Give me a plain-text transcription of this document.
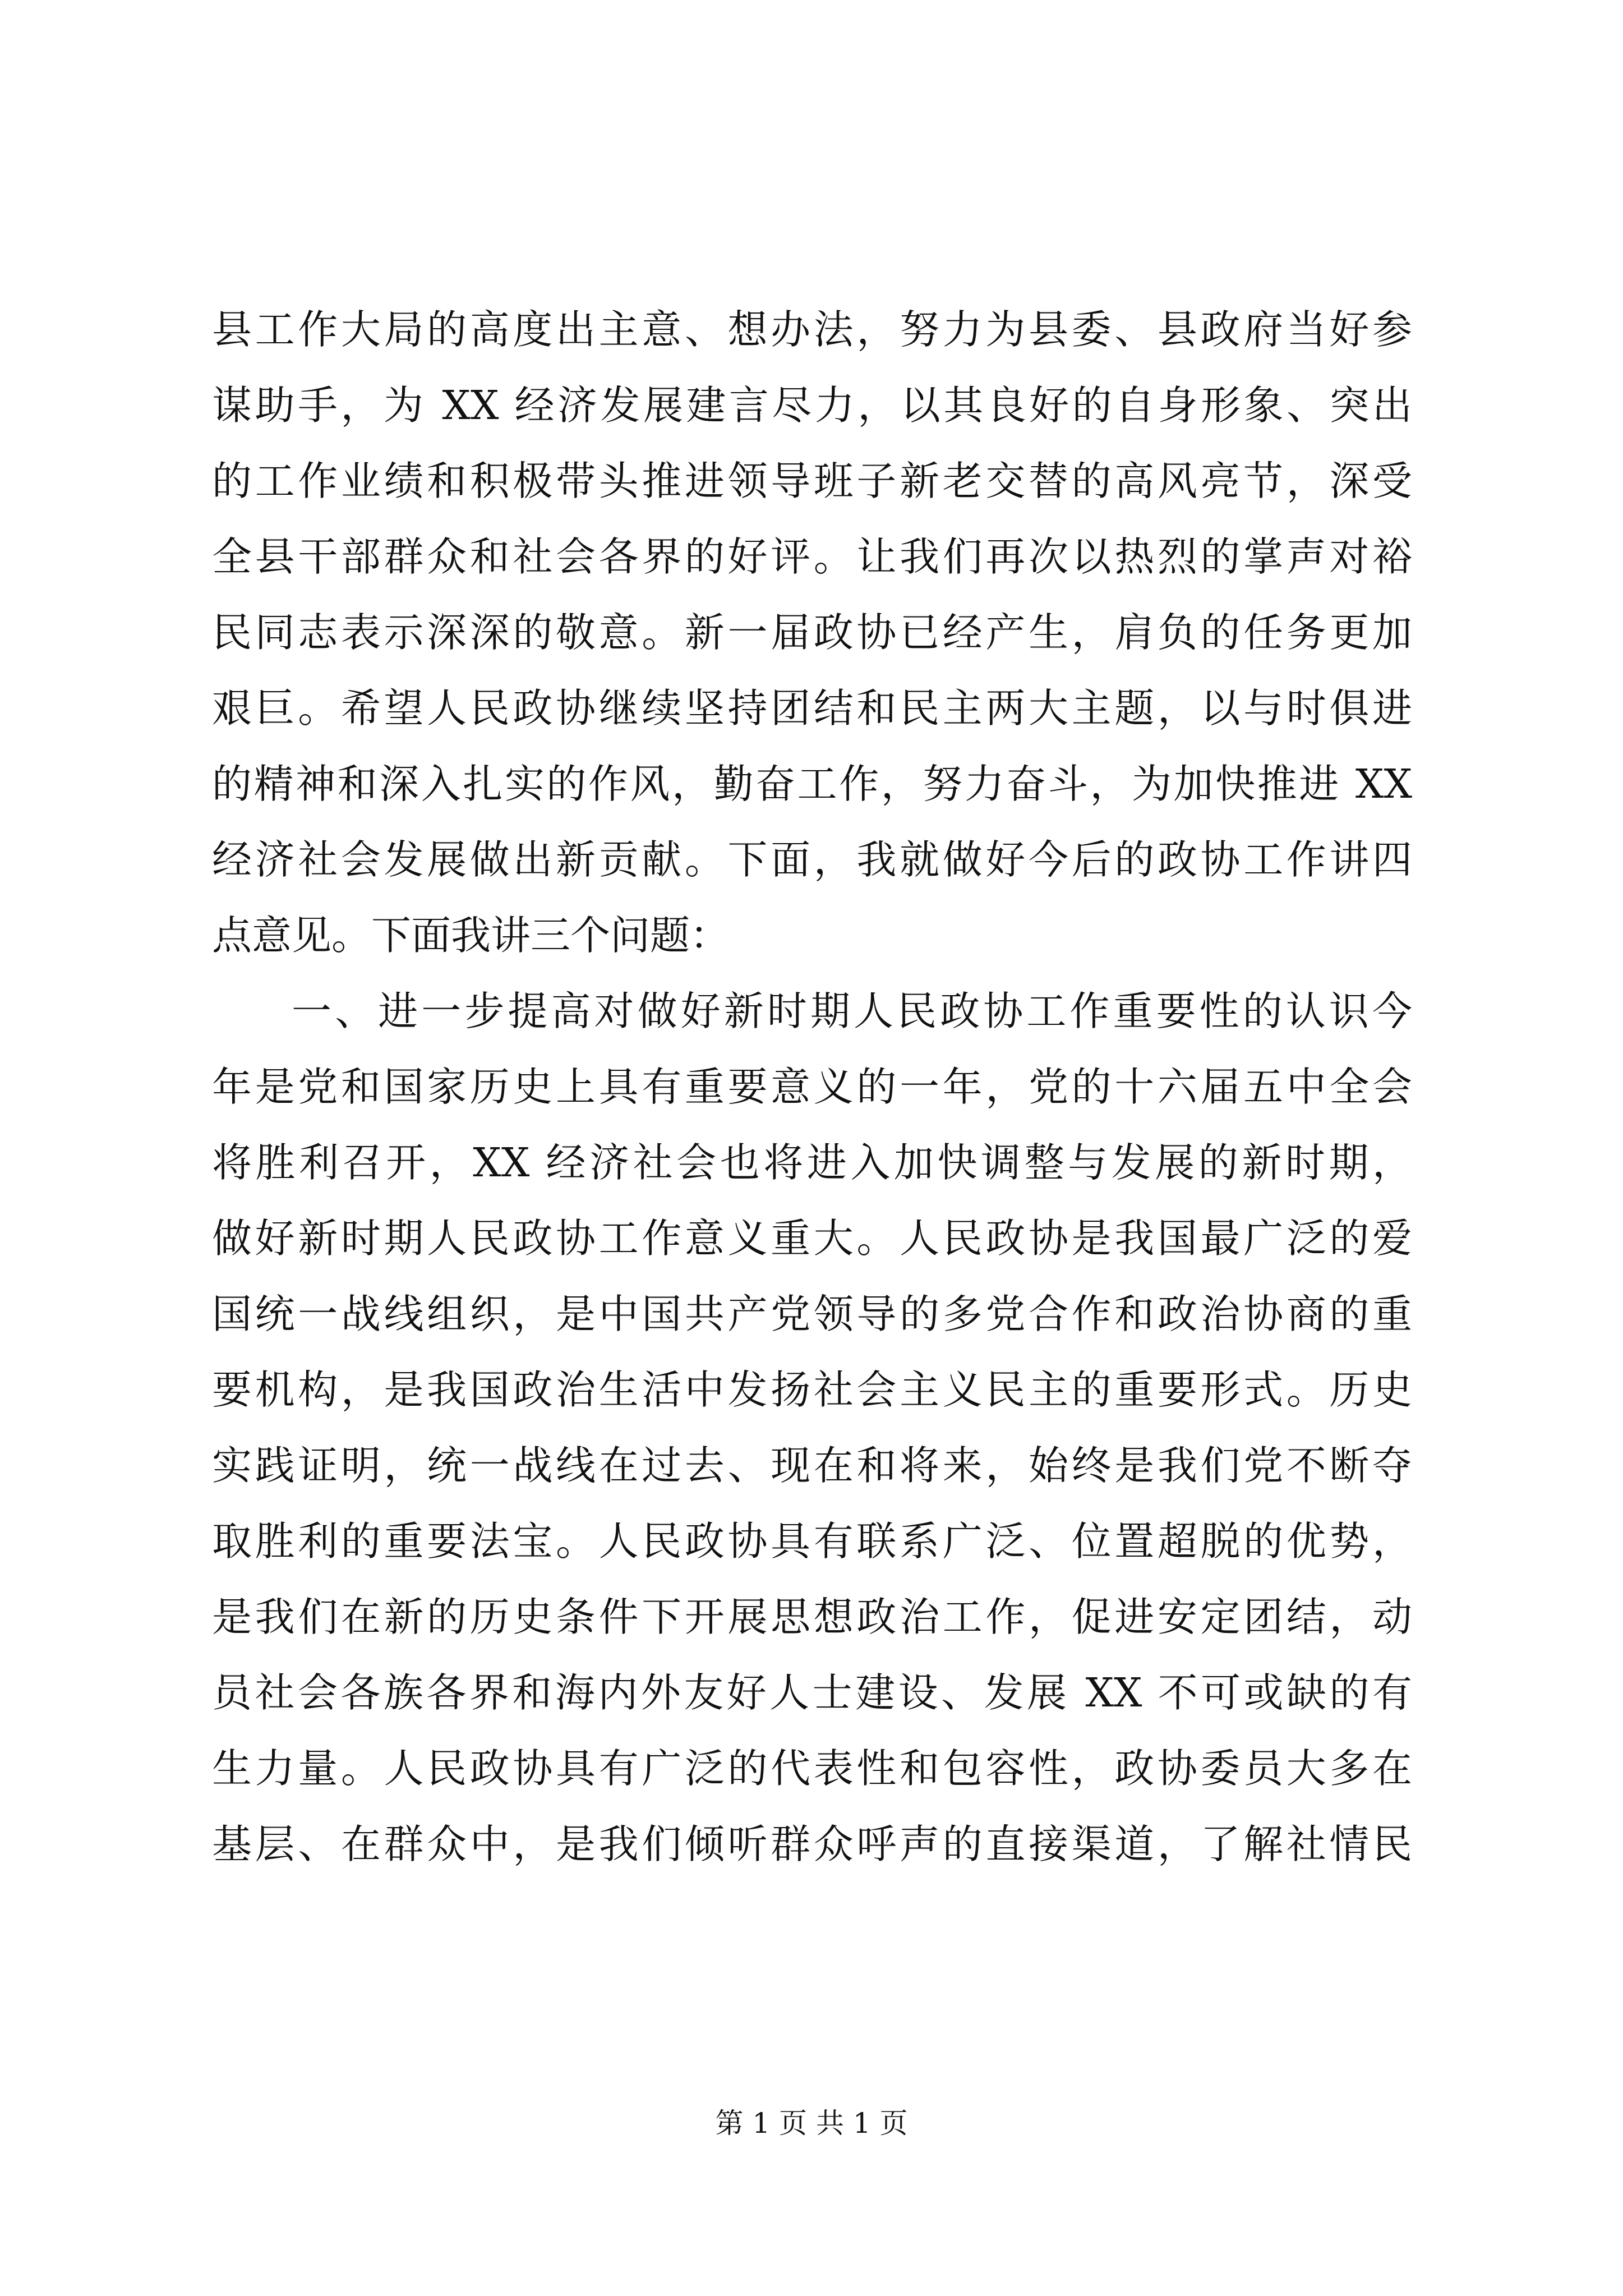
县工作大局的高度出主意、想办法，努力为县委、县政府当好参
谋助手，为 XX 经济发展建言尽力，以其良好的自身形象、突出
的工作业绩和积极带头推进领导班子新老交替的高风亮节，深受
全县干部群众和社会各界的好评。让我们再次以热烈的掌声对裕
民同志表示深深的敬意。新一届政协已经产生，肩负的任务更加
艰巨。希望人民政协继续坚持团结和民主两大主题，以与时俱进
的精神和深入扎实的作风，勤奋工作，努力奋斗，为加快推进 XX
经济社会发展做出新贡献。下面，我就做好今后的政协工作讲四
点意见。下面我讲三个问题：
一、进一步提高对做好新时期人民政协工作重要性的认识今
年是党和国家历史上具有重要意义的一年，党的十六届五中全会
将胜利召开，XX 经济社会也将进入加快调整与发展的新时期，
做好新时期人民政协工作意义重大。人民政协是我国最广泛的爱
国统一战线组织，是中国共产党领导的多党合作和政治协商的重
要机构，是我国政治生活中发扬社会主义民主的重要形式。历史
实践证明，统一战线在过去、现在和将来，始终是我们党不断夺
取胜利的重要法宝。人民政协具有联系广泛、位置超脱的优势，
是我们在新的历史条件下开展思想政治工作，促进安定团结，动
员社会各族各界和海内外友好人士建设、发展 XX 不可或缺的有
生力量。人民政协具有广泛的代表性和包容性，政协委员大多在
基层、在群众中，是我们倾听群众呼声的直接渠道，了解社情民
第 1 页 共 1 页
